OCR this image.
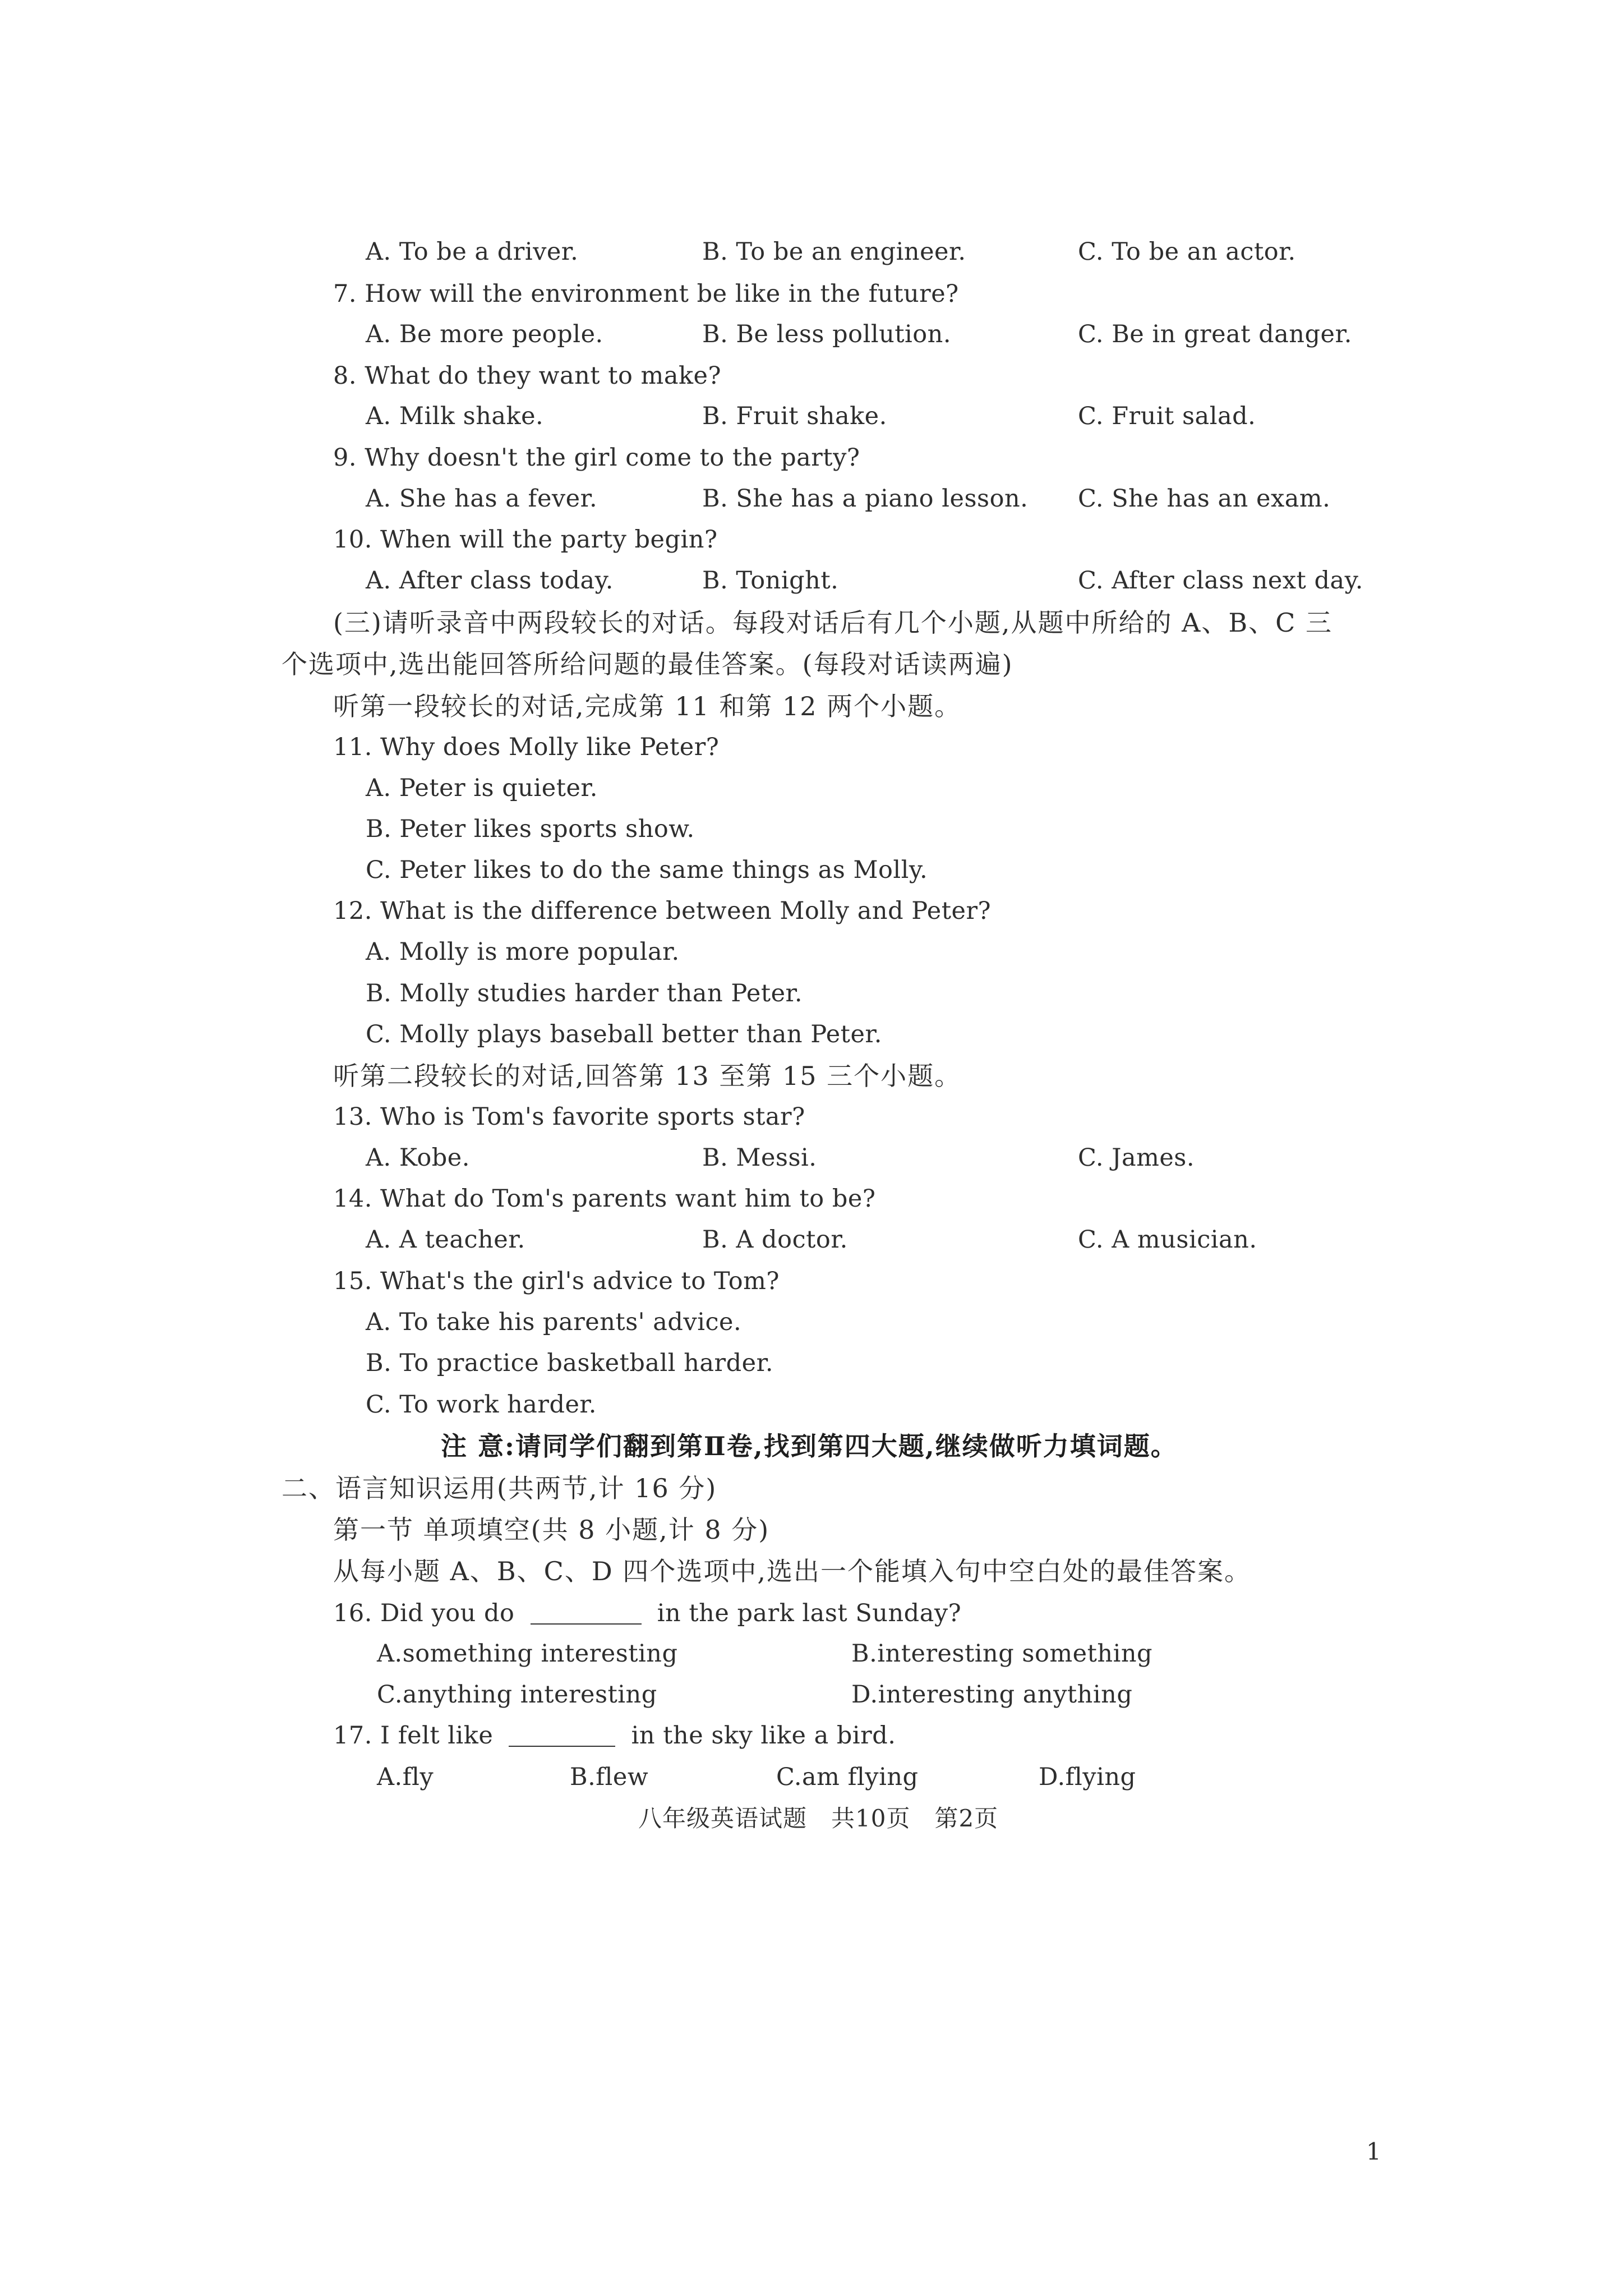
A. To be a driver.	B. To be an engineer.	C. To be an actor.
7. How will the environment be like in the future?
A. Be more people.	B. Be less pollution.	C. Be in great danger.
8. What do they want to make?
A. Milk shake.	B. Fruit shake.	C. Fruit salad.
9. Why doesn't the girl come to the party?
A. She has a fever.	B. She has a piano lesson. C. She has an exam.
10. When will the party begin?
A. After class today.	B. Tonight.	C. After class next day.
(三)请听录音中两段较长的对话。每段对话后有几个小题,从题中所给的 A、B、C 三
个选项中,选出能回答所给问题的最佳答案。(每段对话读两遍)
听第一段较长的对话,完成第 11 和第 12 两个小题。
11. Why does Molly like Peter?
A. Peter is quieter.
B. Peter likes sports show.
C. Peter likes to do the same things as Molly.
12. What is the difference between Molly and Peter?
A. Molly is more popular.
B. Molly studies harder than Peter.
C. Molly plays baseball better than Peter.
听第二段较长的对话,回答第 13 至第 15 三个小题。
13. Who is Tom's favorite sports star?
A. Kobe.	B. Messi.	C. James.
14. What do Tom's parents want him to be?
A. A teacher.	B. A doctor.	C. A musician.
15. What's the girl's advice to Tom?
A. To take his parents' advice.
B. To practice basketball harder.
C. To work harder.
注 意:请同学们翻到第Ⅱ卷,找到第四大题,继续做听力填词题。
二、语言知识运用(共两节,计 16 分)
第一节 单项填空(共 8 小题,计 8 分)
从每小题 A、B、C、D 四个选项中,选出一个能填入句中空白处的最佳答案。
16. Did you do	in the park last Sunday?
A.something interesting	B.interesting something
C.anything interesting	D.interesting anything
17. I felt like	in the sky like a bird.
A.fly	B.flew	C.am flying	D.flying
八年级英语试题　共10页　第2页
1
